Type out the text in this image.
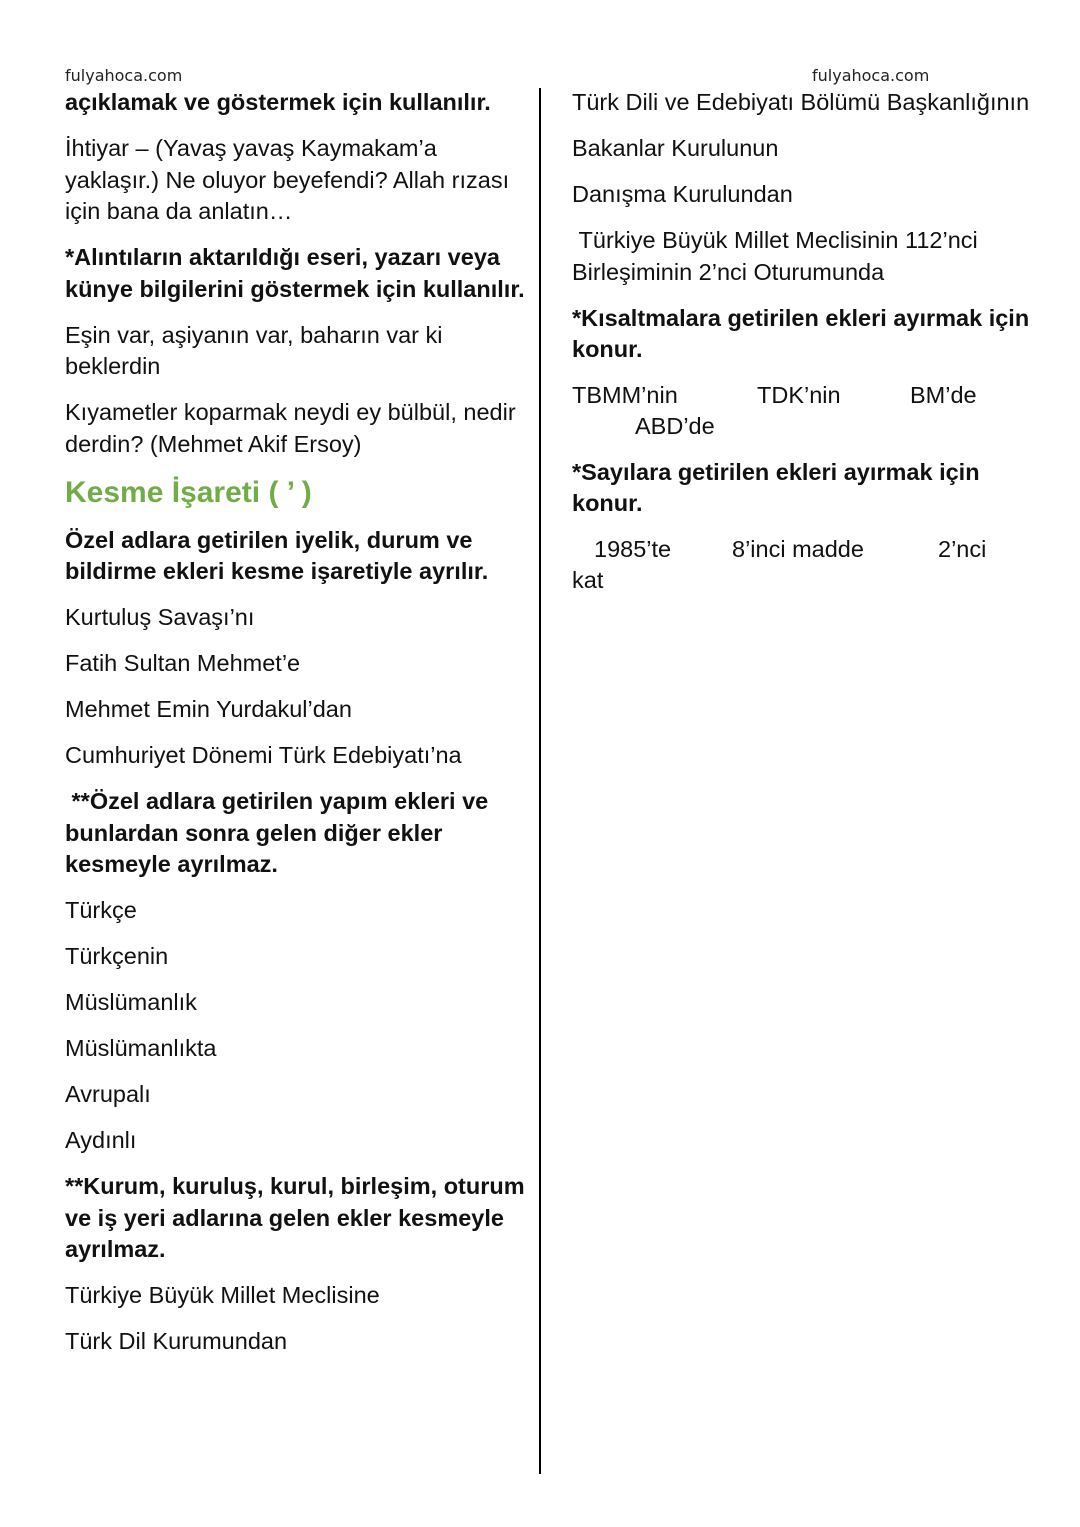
fulyahoca.com	fulyahoca.com

açıklamak ve göstermek için kullanılır.

İhtiyar – (Yavaş yavaş Kaymakam’a yaklaşır.) Ne oluyor beyefendi? Allah rızası için bana da anlatın…

*Alıntıların aktarıldığı eseri, yazarı veya künye bilgilerini göstermek için kullanılır.

Eşin var, aşiyanın var, baharın var ki beklerdin

Kıyametler koparmak neydi ey bülbül, nedir derdin? (Mehmet Akif Ersoy)

Kesme İşareti ( ’ )

Özel adlara getirilen iyelik, durum ve bildirme ekleri kesme işaretiyle ayrılır.

Kurtuluş Savaşı’nı

Fatih Sultan Mehmet’e

Mehmet Emin Yurdakul’dan

Cumhuriyet Dönemi Türk Edebiyatı’na

**Özel adlara getirilen yapım ekleri ve bunlardan sonra gelen diğer ekler kesmeyle ayrılmaz.

Türkçe

Türkçenin

Müslümanlık

Müslümanlıkta

Avrupalı

Aydınlı

**Kurum, kuruluş, kurul, birleşim, oturum ve iş yeri adlarına gelen ekler kesmeyle ayrılmaz.

Türkiye Büyük Millet Meclisine

Türk Dil Kurumundan

Türk Dili ve Edebiyatı Bölümü Başkanlığının

Bakanlar Kurulunun

Danışma Kurulundan

Türkiye Büyük Millet Meclisinin 112’nci Birleşiminin 2’nci Oturumunda

*Kısaltmalara getirilen ekleri ayırmak için konur.

TBMM’nin	TDK’nin	BM’de
ABD’de

*Sayılara getirilen ekleri ayırmak için konur.

1985’te	8’inci madde	2’nci
kat
